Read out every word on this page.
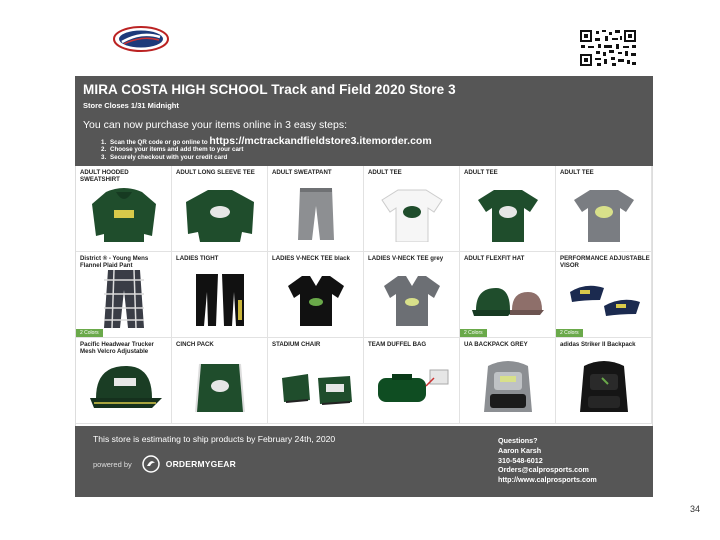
MIRA COSTA HIGH SCHOOL Track and Field 2020 Store 3
Store Closes 1/31 Midnight
You can now purchase your items online in 3 easy steps:
1. Scan the QR code or go online to https://mctrackandfieldstore3.itemorder.com
2. Choose your items and add them to your cart
3. Securely checkout with your credit card
ADULT HOODED SWEATSHIRT
ADULT LONG SLEEVE TEE	ADULT SWEATPANT	ADULT TEE	ADULT TEE	ADULT TEE
District ® - Young Mens Flannel Plaid Pant
2 Colors
LADIES TIGHT	LADIES V-NECK TEE black	LADIES V-NECK TEE grey	ADULT FLEXFIT HAT
2 Colors
PERFORMANCE ADJUSTABLE VISOR
2 Colors
Pacific Headwear Trucker Mesh Velcro Adjustable
CINCH PACK	STADIUM CHAIR	TEAM DUFFEL BAG	UA BACKPACK GREY	adidas Striker II Backpack
This store is estimating to ship products by February 24th, 2020
powered by	ORDERMYGEAR
Questions?
Aaron Karsh
310-548-6012
Orders@calprosports.com
http://www.calprosports.com
34
